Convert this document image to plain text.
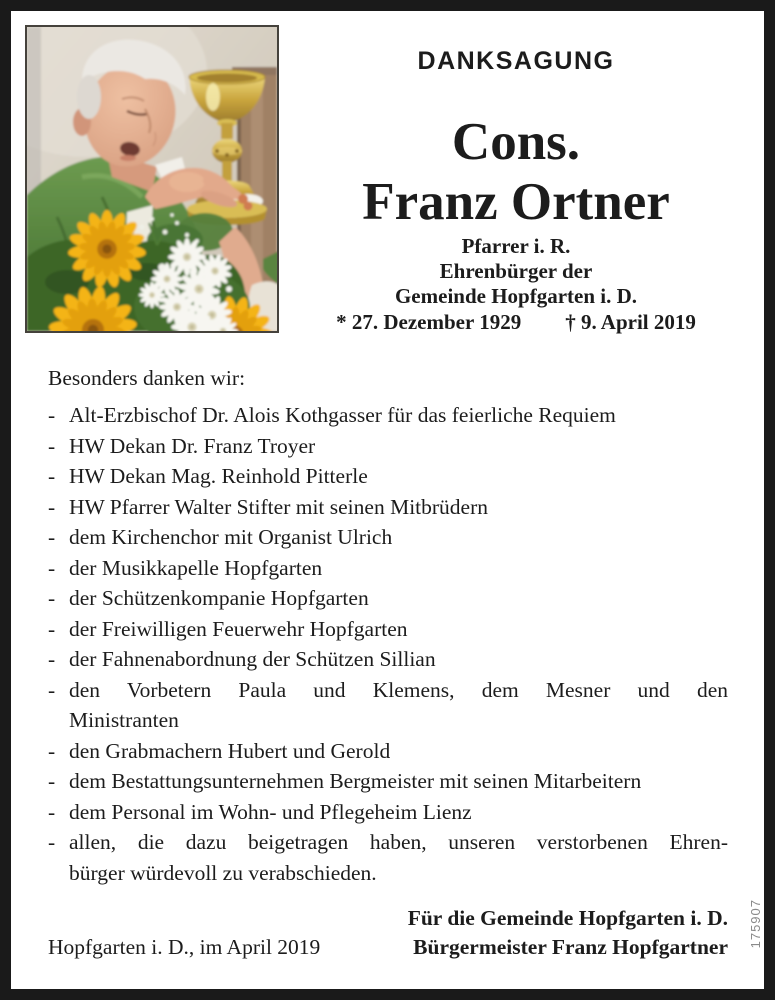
DANKSAGUNG
Cons.
Franz Ortner
Pfarrer i. R.
Ehrenbürger der
Gemeinde Hopfgarten i. D.
* 27. Dezember 1929 † 9. April 2019
Besonders danken wir:
- Alt-Erzbischof Dr. Alois Kothgasser für das feierliche Requiem
- HW Dekan Dr. Franz Troyer
- HW Dekan Mag. Reinhold Pitterle
- HW Pfarrer Walter Stifter mit seinen Mitbrüdern
- dem Kirchenchor mit Organist Ulrich
- der Musikkapelle Hopfgarten
- der Schützenkompanie Hopfgarten
- der Freiwilligen Feuerwehr Hopfgarten
- der Fahnenabordnung der Schützen Sillian
- den Vorbetern Paula und Klemens, dem Mesner und den
Ministranten
- den Grabmachern Hubert und Gerold
- dem Bestattungsunternehmen Bergmeister mit seinen Mitarbeitern
- dem Personal im Wohn- und Pflegeheim Lienz
- allen, die dazu beigetragen haben, unseren verstorbenen Ehren-
bürger würdevoll zu verabschieden.
Für die Gemeinde Hopfgarten i. D.
Bürgermeister Franz Hopfgartner
Hopfgarten i. D., im April 2019	175907
